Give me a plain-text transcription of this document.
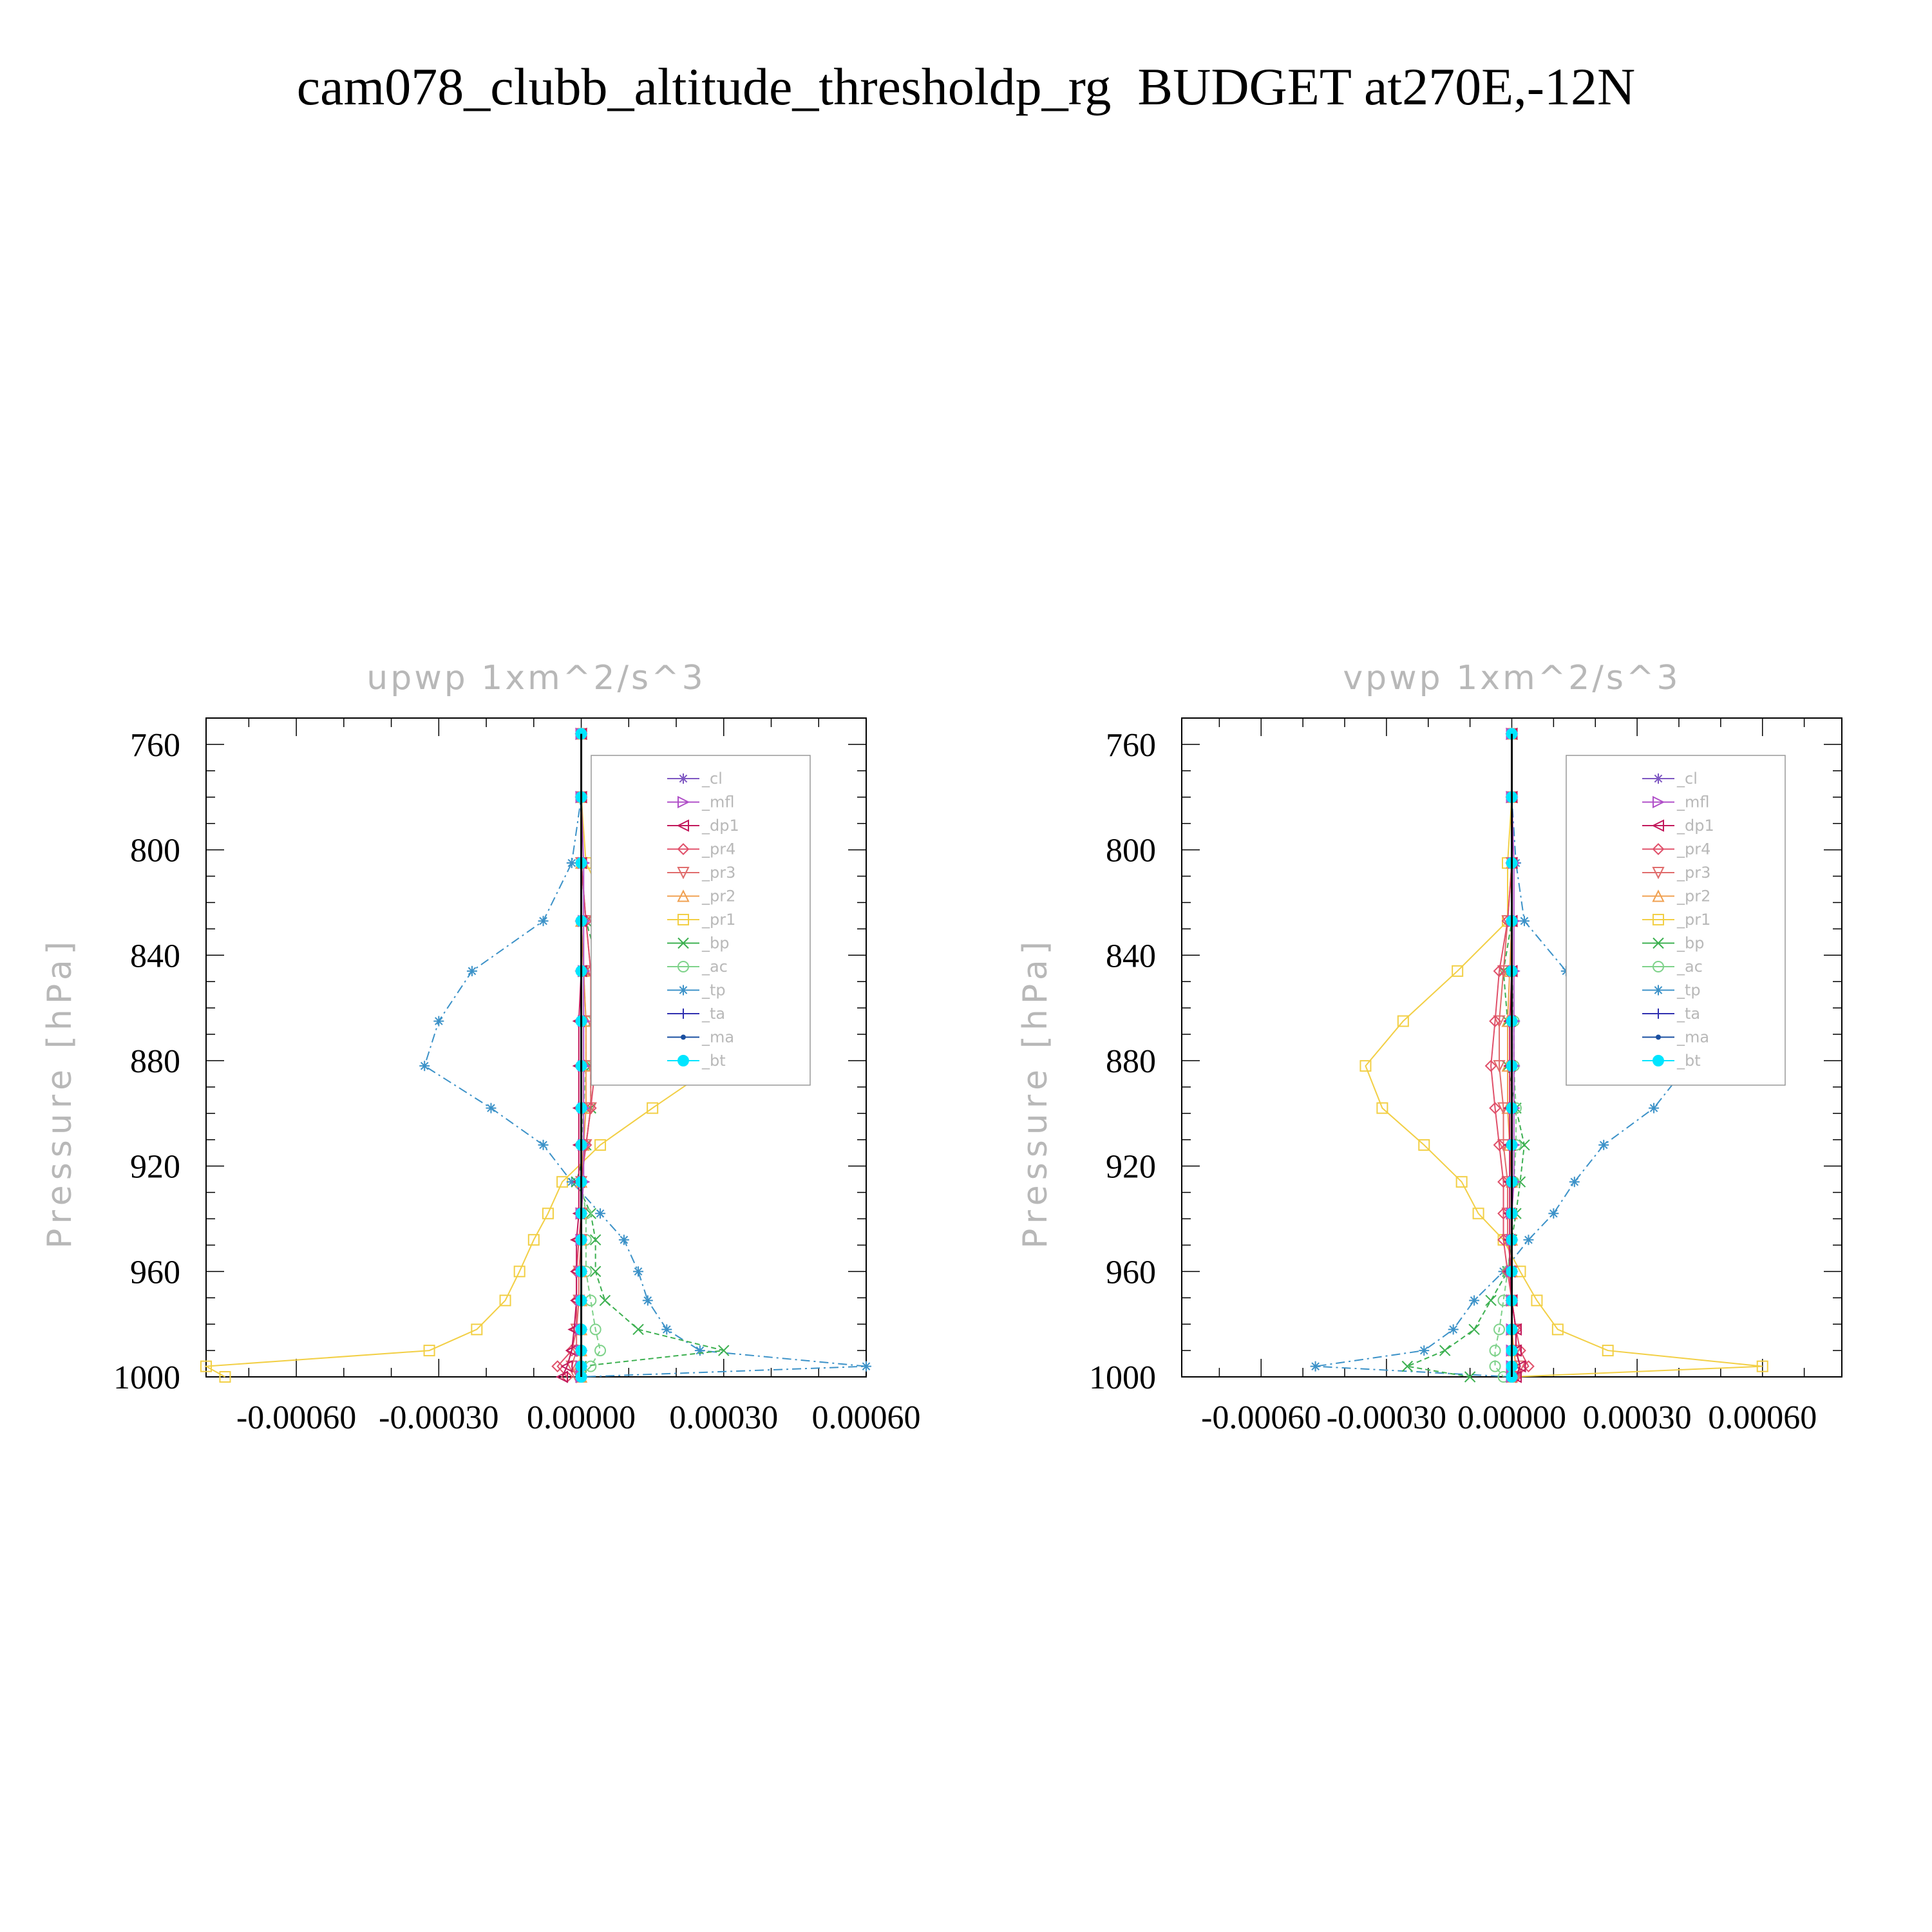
cam078_clubb_altitude_thresholdp_rg  BUDGET at270E,-12N
upwp 1xm^2/s^3
Pressure [hPa]
760
800
840
880
920
960
1000
-0.00060 -0.00030 0.00000 0.00030 0.00060
_cl
_mfl
_dp1
_pr4
_pr3
_pr2
_pr1
_bp
_ac
_tp
_ta
_ma
_bt
vpwp 1xm^2/s^3
Pressure [hPa]
760
800
840
880
920
960
1000
-0.00060 -0.00030 0.00000 0.00030 0.00060
_cl
_mfl
_dp1
_pr4
_pr3
_pr2
_pr1
_bp
_ac
_tp
_ta
_ma
_bt
